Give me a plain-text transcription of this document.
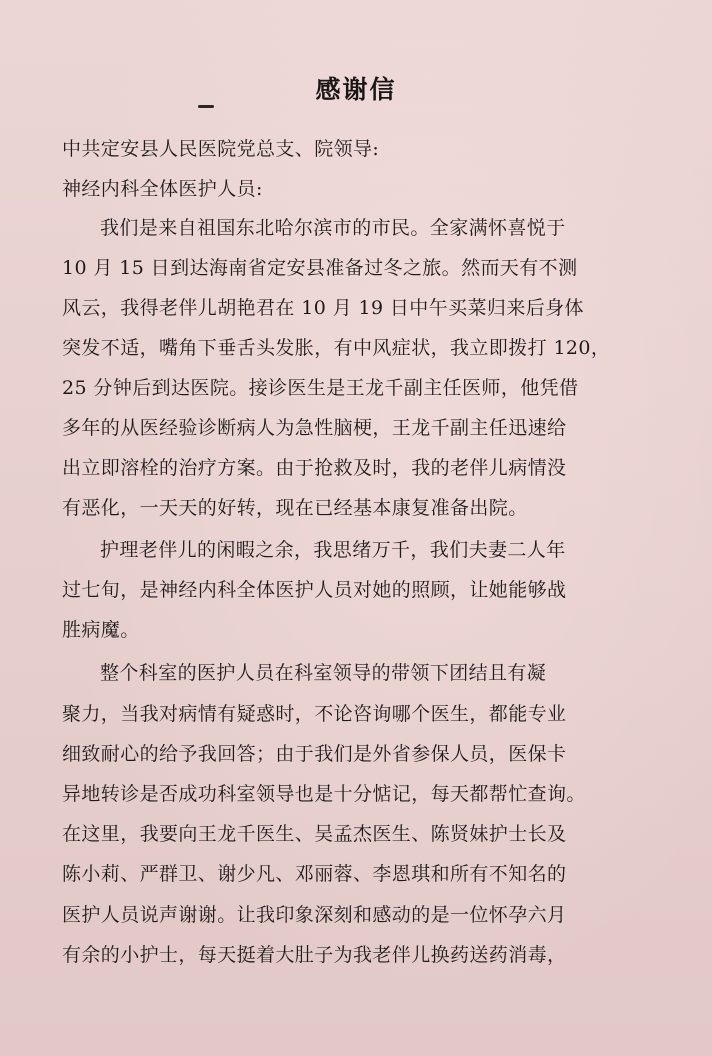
感谢信
中共定安县人民医院党总支、院领导:
神经内科全体医护人员:
我们是来自祖国东北哈尔滨市的市民。全家满怀喜悦于
10 月 15 日到达海南省定安县准备过冬之旅。然而天有不测
风云，我得老伴儿胡艳君在 10 月 19 日中午买菜归来后身体
突发不适，嘴角下垂舌头发胀，有中风症状，我立即拨打 120，
25 分钟后到达医院。接诊医生是王龙千副主任医师，他凭借
多年的从医经验诊断病人为急性脑梗，王龙千副主任迅速给
出立即溶栓的治疗方案。由于抢救及时，我的老伴儿病情没
有恶化，一天天的好转，现在已经基本康复准备出院。
护理老伴儿的闲暇之余，我思绪万千，我们夫妻二人年
过七旬，是神经内科全体医护人员对她的照顾，让她能够战
胜病魔。
整个科室的医护人员在科室领导的带领下团结且有凝
聚力，当我对病情有疑惑时，不论咨询哪个医生，都能专业
细致耐心的给予我回答；由于我们是外省参保人员，医保卡
异地转诊是否成功科室领导也是十分惦记，每天都帮忙查询。
在这里，我要向王龙千医生、吴孟杰医生、陈贤妹护士长及
陈小莉、严群卫、谢少凡、邓丽蓉、李恩琪和所有不知名的
医护人员说声谢谢。让我印象深刻和感动的是一位怀孕六月
有余的小护士，每天挺着大肚子为我老伴儿换药送药消毒，
